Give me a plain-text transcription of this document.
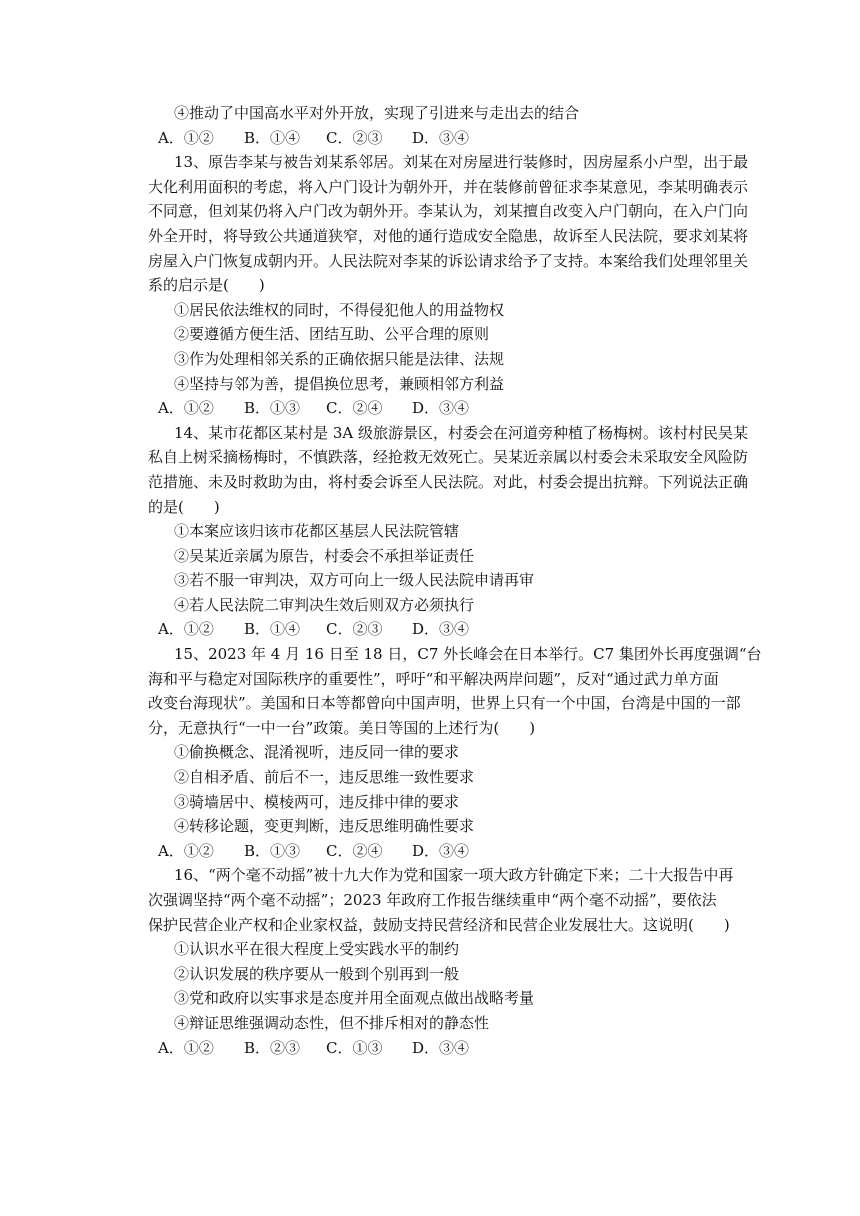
④推动了中国高水平对外开放，实现了引进来与走出去的结合
A．①② B．①④ C．②③ D．③④
13、原告李某与被告刘某系邻居。刘某在对房屋进行装修时，因房屋系小户型，出于最
大化利用面积的考虑，将入户门设计为朝外开，并在装修前曾征求李某意见，李某明确表示
不同意，但刘某仍将入户门改为朝外开。李某认为，刘某擅自改变入户门朝向，在入户门向
外全开时，将导致公共通道狭窄，对他的通行造成安全隐患，故诉至人民法院，要求刘某将
房屋入户门恢复成朝内开。人民法院对李某的诉讼请求给予了支持。本案给我们处理邻里关
系的启示是(　　)
①居民依法维权的同时，不得侵犯他人的用益物权
②要遵循方便生活、团结互助、公平合理的原则
③作为处理相邻关系的正确依据只能是法律、法规
④坚持与邻为善，提倡换位思考，兼顾相邻方利益
A．①② B．①③ C．②④ D．③④
14、某市花都区某村是 3A 级旅游景区，村委会在河道旁种植了杨梅树。该村村民吴某
私自上树采摘杨梅时，不慎跌落，经抢救无效死亡。吴某近亲属以村委会未采取安全风险防
范措施、未及时救助为由，将村委会诉至人民法院。对此，村委会提出抗辩。下列说法正确
的是(　　)
①本案应该归该市花都区基层人民法院管辖
②吴某近亲属为原告，村委会不承担举证责任
③若不服一审判决，双方可向上一级人民法院申请再审
④若人民法院二审判决生效后则双方必须执行
A．①② B．①④ C．②③ D．③④
15、2023 年 4 月 16 日至 18 日，C7 外长峰会在日本举行。C7 集团外长再度强调“台
海和平与稳定对国际秩序的重要性”，呼吁“和平解决两岸问题”，反对“通过武力单方面
改变台海现状”。美国和日本等都曾向中国声明，世界上只有一个中国，台湾是中国的一部
分，无意执行“一中一台”政策。美日等国的上述行为(　　)
①偷换概念、混淆视听，违反同一律的要求
②自相矛盾、前后不一，违反思维一致性要求
③骑墙居中、模棱两可，违反排中律的要求
④转移论题，变更判断，违反思维明确性要求
A．①② B．①③ C．②④ D．③④
16、“两个毫不动摇”被十九大作为党和国家一项大政方针确定下来；二十大报告中再
次强调坚持“两个毫不动摇”；2023 年政府工作报告继续重申“两个毫不动摇”，要依法
保护民营企业产权和企业家权益，鼓励支持民营经济和民营企业发展壮大。这说明(　　)
①认识水平在很大程度上受实践水平的制约
②认识发展的秩序要从一般到个别再到一般
③党和政府以实事求是态度并用全面观点做出战略考量
④辩证思维强调动态性，但不排斥相对的静态性
A．①② B．②③ C．①③ D．③④
